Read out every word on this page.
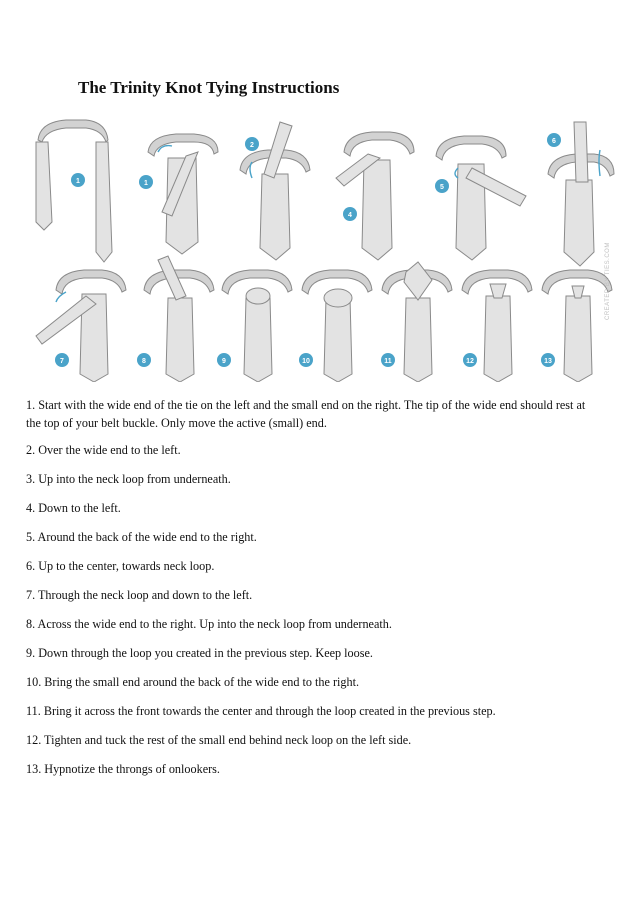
The Trinity Knot Tying Instructions
1	1
2
4
5
6
7	8	9	10	11	12	13
CREATED BY TIES.COM

1. Start with the wide end of the tie on the left and the small end on the right. The tip of the wide end should rest at the top of your belt buckle. Only move the active (small) end.

2. Over the wide end to the left.

3. Up into the neck loop from underneath.

4. Down to the left.

5. Around the back of the wide end to the right.

6. Up to the center, towards neck loop.

7. Through the neck loop and down to the left.

8. Across the wide end to the right. Up into the neck loop from underneath.

9. Down through the loop you created in the previous step. Keep loose.

10. Bring the small end around the back of the wide end to the right.

11. Bring it across the front towards the center and through the loop created in the previous step.

12. Tighten and tuck the rest of the small end behind neck loop on the left side.

13. Hypnotize the throngs of onlookers.
